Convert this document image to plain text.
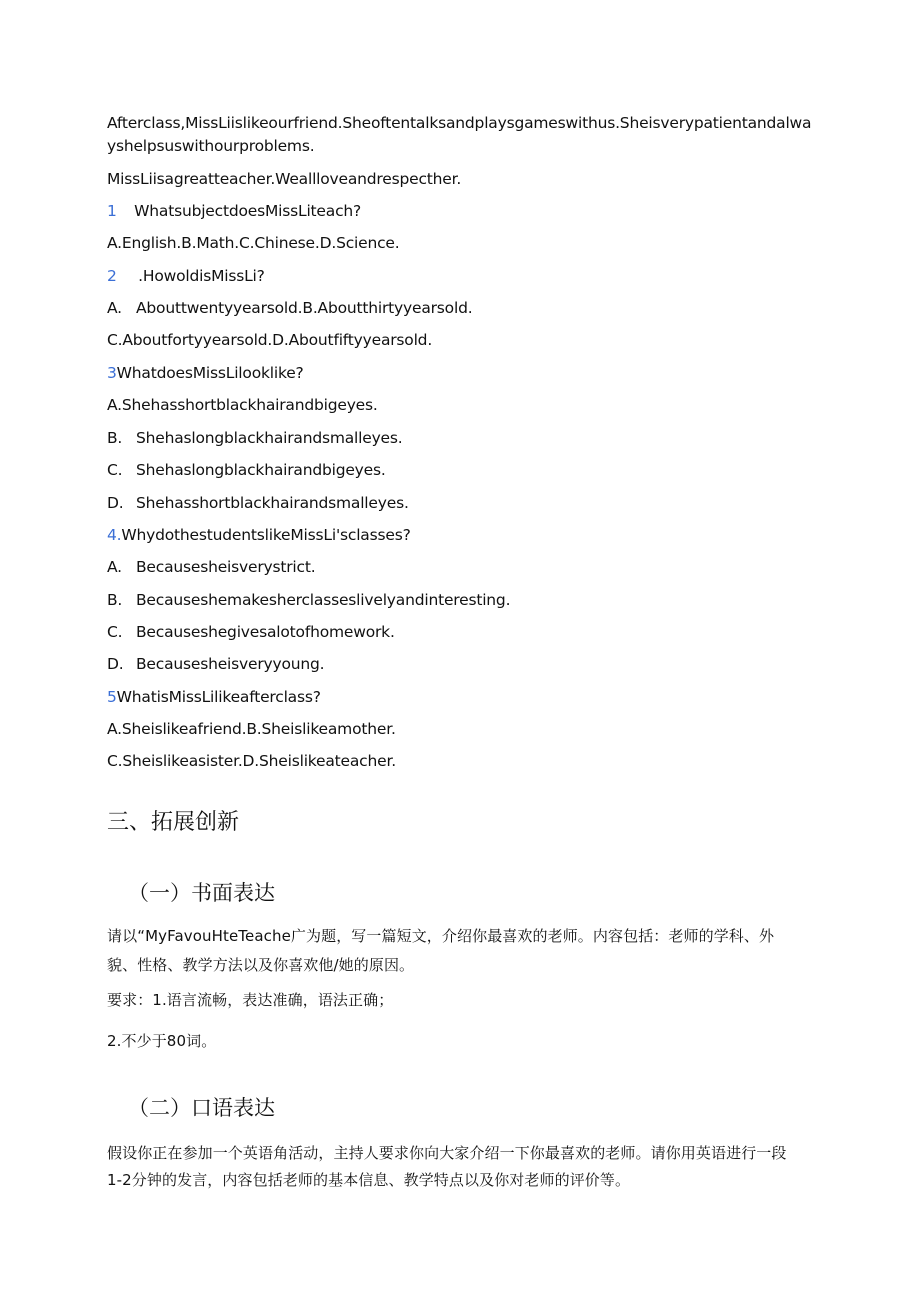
Afterclass,MissLiislikeourfriend.Sheoftentalksandplaysgameswithus.Sheisverypatientandalwa
yshelpsuswithourproblems.
MissLiisagreatteacher.Weallloveandrespecther.
1 WhatsubjectdoesMissLiteach?
A.English.B.Math.C.Chinese.D.Science.
2 .HowoldisMissLi?
A. Abouttwentyyearsold.B.Aboutthirtyyearsold.
C.Aboutfortyyearsold.D.Aboutfiftyyearsold.
3WhatdoesMissLilooklike?
A.Shehasshortblackhairandbigeyes.
B. Shehaslongblackhairandsmalleyes.
C. Shehaslongblackhairandbigeyes.
D. Shehasshortblackhairandsmalleyes.
4.WhydothestudentslikeMissLi'sclasses?
A. Becausesheisverystrict.
B. Becauseshemakesherclasseslivelyandinteresting.
C. Becauseshegivesalotofhomework.
D. Becausesheisveryyoung.
5WhatisMissLilikeafterclass?
A.Sheislikeafriend.B.Sheislikeamother.
C.Sheislikeasister.D.Sheislikeateacher.
三、拓展创新
（一）书面表达
请以“MyFavouHteTeache广为题，写一篇短文，介绍你最喜欢的老师。内容包括：老师的学科、外
貌、性格、教学方法以及你喜欢他/她的原因。
要求：1.语言流畅，表达准确，语法正确；
2.不少于80词。
（二）口语表达
假设你正在参加一个英语角活动，主持人要求你向大家介绍一下你最喜欢的老师。请你用英语进行一段
1-2分钟的发言，内容包括老师的基本信息、教学特点以及你对老师的评价等。
